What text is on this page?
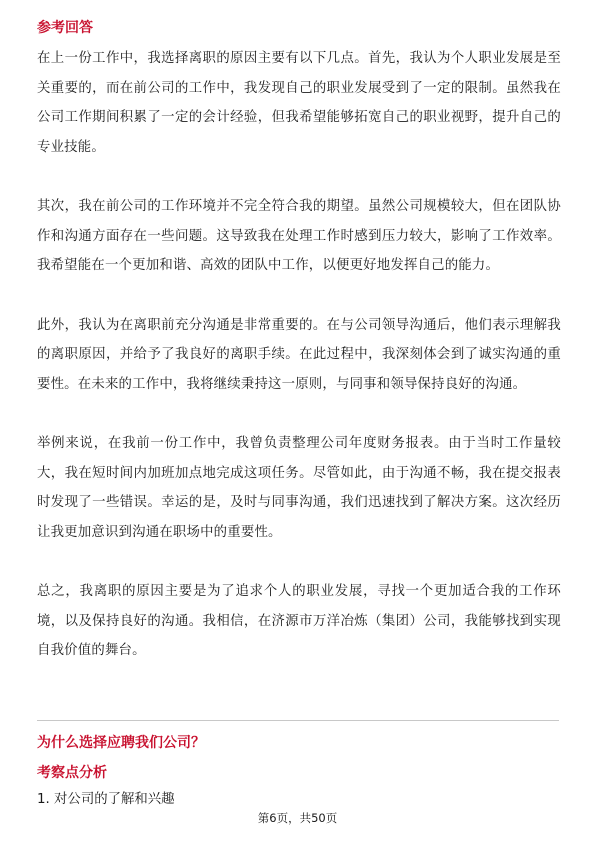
参考回答

在上一份工作中，我选择离职的原因主要有以下几点。首先，我认为个人职业发展是至关重要的，而在前公司的工作中，我发现自己的职业发展受到了一定的限制。虽然我在公司工作期间积累了一定的会计经验，但我希望能够拓宽自己的职业视野，提升自己的专业技能。

其次，我在前公司的工作环境并不完全符合我的期望。虽然公司规模较大，但在团队协作和沟通方面存在一些问题。这导致我在处理工作时感到压力较大，影响了工作效率。我希望能在一个更加和谐、高效的团队中工作，以便更好地发挥自己的能力。

此外，我认为在离职前充分沟通是非常重要的。在与公司领导沟通后，他们表示理解我的离职原因，并给予了我良好的离职手续。在此过程中，我深刻体会到了诚实沟通的重要性。在未来的工作中，我将继续秉持这一原则，与同事和领导保持良好的沟通。

举例来说，在我前一份工作中，我曾负责整理公司年度财务报表。由于当时工作量较大，我在短时间内加班加点地完成这项任务。尽管如此，由于沟通不畅，我在提交报表时发现了一些错误。幸运的是，及时与同事沟通，我们迅速找到了解决方案。这次经历让我更加意识到沟通在职场中的重要性。

总之，我离职的原因主要是为了追求个人的职业发展，寻找一个更加适合我的工作环境，以及保持良好的沟通。我相信，在济源市万洋冶炼（集团）公司，我能够找到实现自我价值的舞台。

为什么选择应聘我们公司？

考察点分析

1. 对公司的了解和兴趣

第6页，共50页
